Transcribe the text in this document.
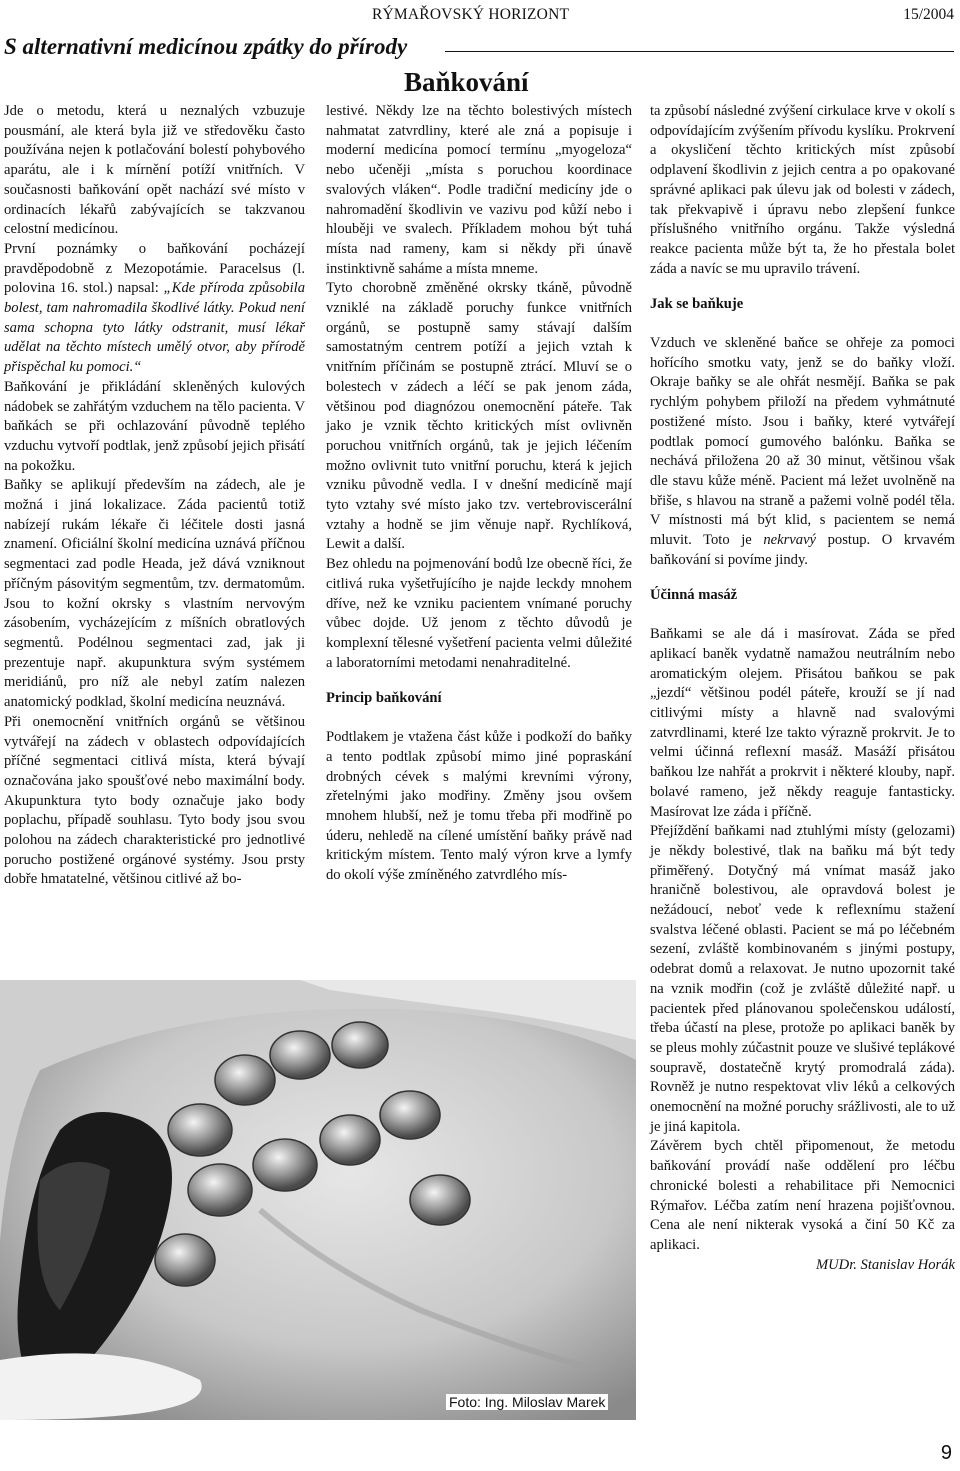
RÝMAŘOVSKÝ HORIZONT	15/2004
S alternativní medicínou zpátky do přírody
Baňkování

Jde o metodu, která u neznalých vzbuzuje pousmání, ale která byla již ve středověku často používána nejen k potlačování bolestí pohybového aparátu, ale i k mírnění potíží vnitřních. V současnosti baňkování opět nachází své místo v ordinacích lékařů zabývajících se takzvanou celostní medicínou.

První poznámky o baňkování pocházejí pravděpodobně z Mezopotámie. Paracelsus (l. polovina 16. stol.) napsal: „Kde příroda způsobila bolest, tam nahromadila škodlivé látky. Pokud není sama schopna tyto látky odstranit, musí lékař udělat na těchto místech umělý otvor, aby přírodě přispěchal ku pomoci.“

Baňkování je přikládání skleněných kulových nádobek se zahřátým vzduchem na tělo pacienta. V baňkách se při ochlazování původně teplého vzduchu vytvoří podtlak, jenž způsobí jejich přisátí na pokožku.

Baňky se aplikují především na zádech, ale je možná i jiná lokalizace. Záda pacientů totiž nabízejí rukám lékaře či léčitele dosti jasná znamení. Oficiální školní medicína uznává příčnou segmentaci zad podle Heada, jež dává vzniknout příčným pásovitým segmentům, tzv. dermatomům. Jsou to kožní okrsky s vlastním nervovým zásobením, vycházejícím z míšních obratlových segmentů. Podélnou segmentaci zad, jak ji prezentuje např. akupunktura svým systémem meridiánů, pro níž ale nebyl zatím nalezen anatomický podklad, školní medicína neuznává.

Při onemocnění vnitřních orgánů se většinou vytvářejí na zádech v oblastech odpovídajících příčné segmentaci citlivá místa, která bývají označována jako spoušťové nebo maximální body. Akupunktura tyto body označuje jako body poplachu, případě souhlasu. Tyto body jsou svou polohou na zádech charakteristické pro jednotlivé porucho postižené orgánové systémy. Jsou prsty dobře hmatatelné, většinou citlivé až bo-

lestivé. Někdy lze na těchto bolestivých místech nahmatat zatvrdliny, které ale zná a popisuje i moderní medicína pomocí termínu „myogeloza“ nebo učeněji „místa s poruchou koordinace svalových vláken“. Podle tradiční medicíny jde o nahromadění škodlivin ve vazivu pod kůží nebo i hlouběji ve svalech. Příkladem mohou být tuhá místa nad rameny, kam si někdy při únavě instinktivně saháme a místa mneme.

Tyto chorobně změněné okrsky tkáně, původně vzniklé na základě poruchy funkce vnitřních orgánů, se postupně samy stávají dalším samostatným centrem potíží a jejich vztah k vnitřním příčinám se postupně ztrácí. Mluví se o bolestech v zádech a léčí se pak jenom záda, většinou pod diagnózou onemocnění páteře. Tak jako je vznik těchto kritických míst ovlivněn poruchou vnitřních orgánů, tak je jejich léčením možno ovlivnit tuto vnitřní poruchu, která k jejich vzniku původně vedla. I v dnešní medicíně mají tyto vztahy své místo jako tzv. vertebroviscerální vztahy a hodně se jim věnuje např. Rychlíková, Lewit a další.

Bez ohledu na pojmenování bodů lze obecně říci, že citlivá ruka vyšetřujícího je najde leckdy mnohem dříve, než ke vzniku pacientem vnímané poruchy vůbec dojde. Už jenom z těchto důvodů je komplexní tělesné vyšetření pacienta velmi důležité a laboratorními metodami nenahraditelné.

Princip baňkování

Podtlakem je vtažena část kůže i podkoží do baňky a tento podtlak způsobí mimo jiné popraskání drobných cévek s malými krevními výrony, zřetelnými jako modřiny. Změny jsou ovšem mnohem hlubší, než je tomu třeba při modřině po úderu, nehledě na cílené umístění baňky právě nad kritickým místem. Tento malý výron krve a lymfy do okolí výše zmíněného zatvrdlého mís-

ta způsobí následné zvýšení cirkulace krve v okolí s odpovídajícím zvýšením přívodu kyslíku. Prokrvení a okysličení těchto kritických míst způsobí odplavení škodlivin z jejich centra a po opakované správné aplikaci pak úlevu jak od bolesti v zádech, tak překvapivě i úpravu nebo zlepšení funkce příslušného vnitřního orgánu. Takže výsledná reakce pacienta může být ta, že ho přestala bolet záda a navíc se mu upravilo trávení.

Jak se baňkuje

Vzduch ve skleněné baňce se ohřeje za pomoci hořícího smotku vaty, jenž se do baňky vloží. Okraje baňky se ale ohřát nesmějí. Baňka se pak rychlým pohybem přiloží na předem vyhmátnuté postižené místo. Jsou i baňky, které vytvářejí podtlak pomocí gumového balónku. Baňka se nechává přiložena 20 až 30 minut, většinou však dle stavu kůže méně. Pacient má ležet uvolněně na břiše, s hlavou na straně a pažemi volně podél těla. V místnosti má být klid, s pacientem se nemá mluvit. Toto je nekrvavý postup. O krvavém baňkování si povíme jindy.

Účinná masáž

Baňkami se ale dá i masírovat. Záda se před aplikací baněk vydatně namažou neutrálním nebo aromatickým olejem. Přisátou baňkou se pak „jezdí“ většinou podél páteře, krouží se jí nad citlivými místy a hlavně nad svalovými zatvrdlinami, které lze takto výrazně prokrvit. Je to velmi účinná reflexní masáž. Masáží přisátou baňkou lze nahřát a prokrvit i některé klouby, např. bolavé rameno, jež někdy reaguje fantasticky. Masírovat lze záda i příčně.

Přejíždění baňkami nad ztuhlými místy (gelozami) je někdy bolestivé, tlak na baňku má být tedy přiměřený. Dotyčný má vnímat masáž jako hraničně bolestivou, ale opravdová bolest je nežádoucí, neboť vede k reflexnímu stažení svalstva léčené oblasti. Pacient se má po léčebném sezení, zvláště kombinovaném s jinými postupy, odebrat domů a relaxovat. Je nutno upozornit také na vznik modřin (což je zvláště důležité např. u pacientek před plánovanou společenskou událostí, třeba účastí na plese, protože po aplikaci baněk by se pleus mohly zúčastnit pouze ve slušivé teplákové soupravě, dostatečně krytý promodralá záda). Rovněž je nutno respektovat vliv léků a celkových onemocnění na možné poruchy srážlivosti, ale to už je jiná kapitola.

Závěrem bych chtěl připomenout, že metodu baňkování provádí naše oddělení pro léčbu chronické bolesti a rehabilitace při Nemocnici Rýmařov. Léčba zatím není hrazena pojišťovnou. Cena ale není nikterak vysoká a činí 50 Kč za aplikaci.

MUDr. Stanislav Horák

Foto: Ing. Miloslav Marek
9
